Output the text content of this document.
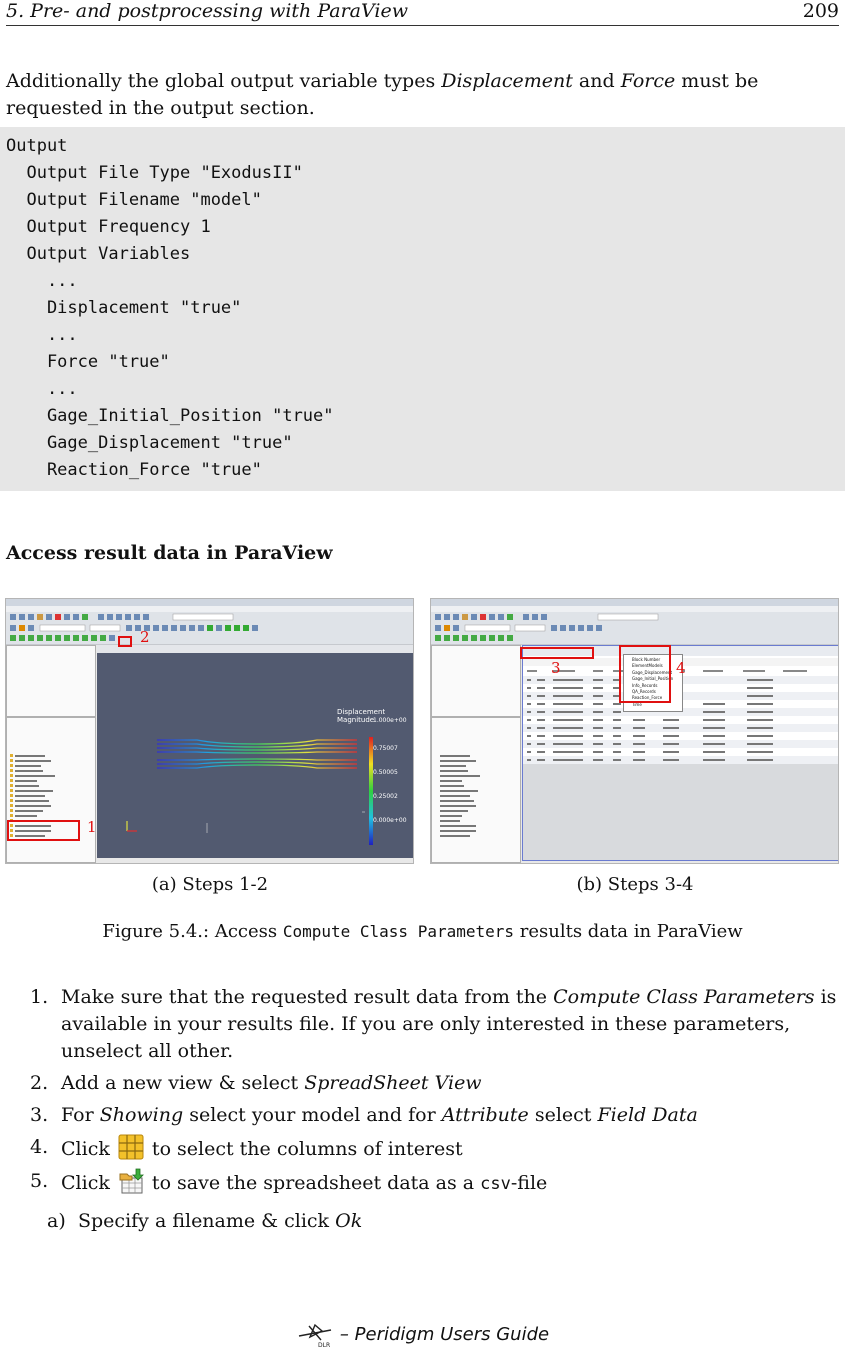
5. Pre- and postprocessing with ParaView	209
Additionally the global output variable types Displacement and Force must be requested in the output section.
Output
Output File Type "ExodusII"
Output Filename "model"
Output Frequency 1
Output Variables
...
Displacement "true"
...
Force "true"
...
Gage_Initial_Position "true"
Gage_Displacement "true"
Reaction_Force "true"
Access result data in ParaView
Displacement Magnitude
1.000e+00
0.75007
0.50005
0.25002
0.000e+00
1
2
Block Number
ElementModels
Gage_Displacement
Gage_Initial_Position
Info_Records
QA_Records
Reaction_Force
Time
3	4
(a) Steps 1-2	(b) Steps 3-4
Figure 5.4.: Access Compute Class Parameters results data in ParaView
1. Make sure that the requested result data from the Compute Class Parameters is available in your results file. If you are only interested in these parameters, unselect all other.
2. Add a new view & select SpreadSheet View
3. For Showing select your model and for Attribute select Field Data
4. Click  to select the columns of interest
5. Click  to save the spreadsheet data as a csv-file
a) Specify a filename & click Ok
DLR
– Peridigm Users Guide
